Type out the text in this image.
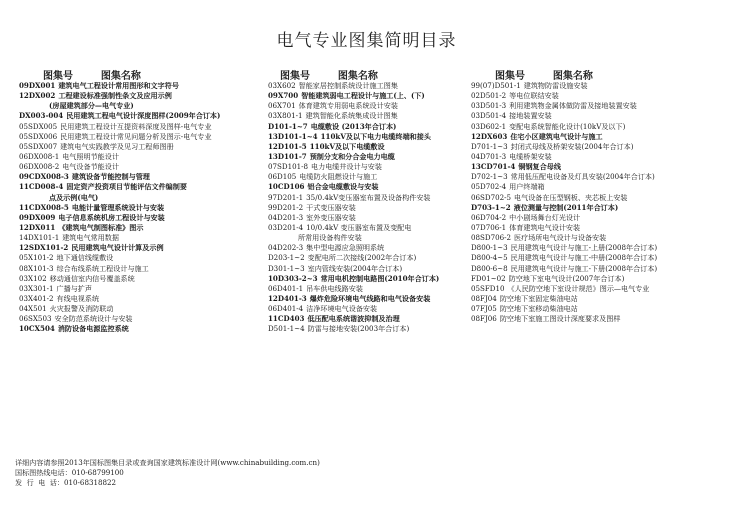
电气专业图集简明目录
图集号        图集名称
09DX001 建筑电气工程设计常用图形和文字符号
12DX002 工程建设标准强制性条文及应用示例
(房屋建筑部分—电气专业)
DX003-004 民用建筑工程电气设计深度图样(2009年合订本)
05SDX005 民用建筑工程设计互提资料深度及图样-电气专业
05SDX006 民用建筑工程设计常见问题分析及图示-电气专业
05SDX007 建筑电气实践教学及见习工程师图册
06DX008-1 电气照明节能设计
06DX008-2 电气设备节能设计
09CDX008-3 建筑设备节能控制与管理
11CD008-4 固定资产投资项目节能评估文件编制要
点及示例(电气)
11CDX008-5 电能计量管理系统设计与安装
09DX009 电子信息系统机房工程设计与安装
12DX011 《建筑电气制图标准》图示
14DX101-1 建筑电气常用数据
12SDX101-2 民用建筑电气设计计算及示例
05X101-2 地下通信线缆敷设
08X101-3 综合布线系统工程设计与施工
03X102 移动通信室内信号覆盖系统
03X301-1 广播与扩声
03X401-2 有线电视系统
04X501 火灾报警及消防联动
06SX503 安全防范系统设计与安装
10CX504 消防设备电源监控系统
图集号        图集名称
03X602 智能家居控制系统设计施工图集
09X700 智能建筑弱电工程设计与施工(上、(下)
06X701 体育建筑专用弱电系统设计安装
03X801-1 建筑智能化系统集成设计图集
D101-1~7 电缆敷设 (2013年合订本)
13D101-1~4 110kV及以下电力电缆终端和接头
12D101-5 110kV及以下电缆敷设
13D101-7 预制分支和分合金电力电缆
07SD101-8 电力电缆井设计与安装
06D105 电缆防火阻燃设计与施工
10CD106 铝合金电缆敷设与安装
97D201-1 35/0.4kV变压器室布置及设备构件安装
99D201-2 干式变压器安装
04D201-3 室外变压器安装
03D201-4 10/0.4kV 变压器室布置及变配电
所常用设备构件安装
04D202-3 集中型电源应急照明系统
D203-1~2 变配电所二次接线(2002年合订本)
D301-1~3 室内管线安装(2004年合订本)
10D303-2~3 常用电机控制电路图(2010年合订本)
06D401-1 吊车供电线路安装
12D401-3 爆炸危险环境电气线路和电气设备安装
06D401-4 洁净环境电气设备安装
11CD403 低压配电系统谐波抑制及治理
D501-1~4 防雷与接地安装(2003年合订本)
图集号        图集名称
99(07)D501-1 建筑物防雷设施安装
02D501-2 等电位联结安装
03D501-3 利用建筑物金属体做防雷及接地装置安装
03D501-4 接地装置安装
03D602-1 变配电系统智能化设计(10kV及以下)
12DX603 住宅小区建筑电气设计与施工
D701-1~3 封闭式母线及桥架安装(2004年合订本)
04D701-3 电缆桥架安装
13CD701-4 铜钢复合母线
D702-1~3 常用低压配电设备及灯具安装(2004年合订本)
05D702-4 用户终端箱
06SD702-5 电气设备在压型钢板、夹芯板上安装
D703-1~2 液位测量与控制(2011年合订本)
06D704-2 中小剧场舞台灯光设计
07D706-1 体育建筑电气设计安装
08SD706-2 医疗场所电气设计与设备安装
D800-1~3 民用建筑电气设计与施工-上册(2008年合订本)
D800-4~5 民用建筑电气设计与施工-中册(2008年合订本)
D800-6~8 民用建筑电气设计与施工-下册(2008年合订本)
FD01~02 防空地下室电气设计(2007年合订本)
05SFD10 《人民防空地下室设计规范》图示—电气专业
08FJ04 防空地下室固定柴油电站
07FJ05 防空地下室移动柴油电站
08FJ06 防空地下室施工图设计深度要求及图样
详细内容请参照2013年国标图集目录或查询国家建筑标准设计网(www.chinabuilding.com.cn)
国标图热线电话：010-68799100
发  行  电  话：010-68318822
